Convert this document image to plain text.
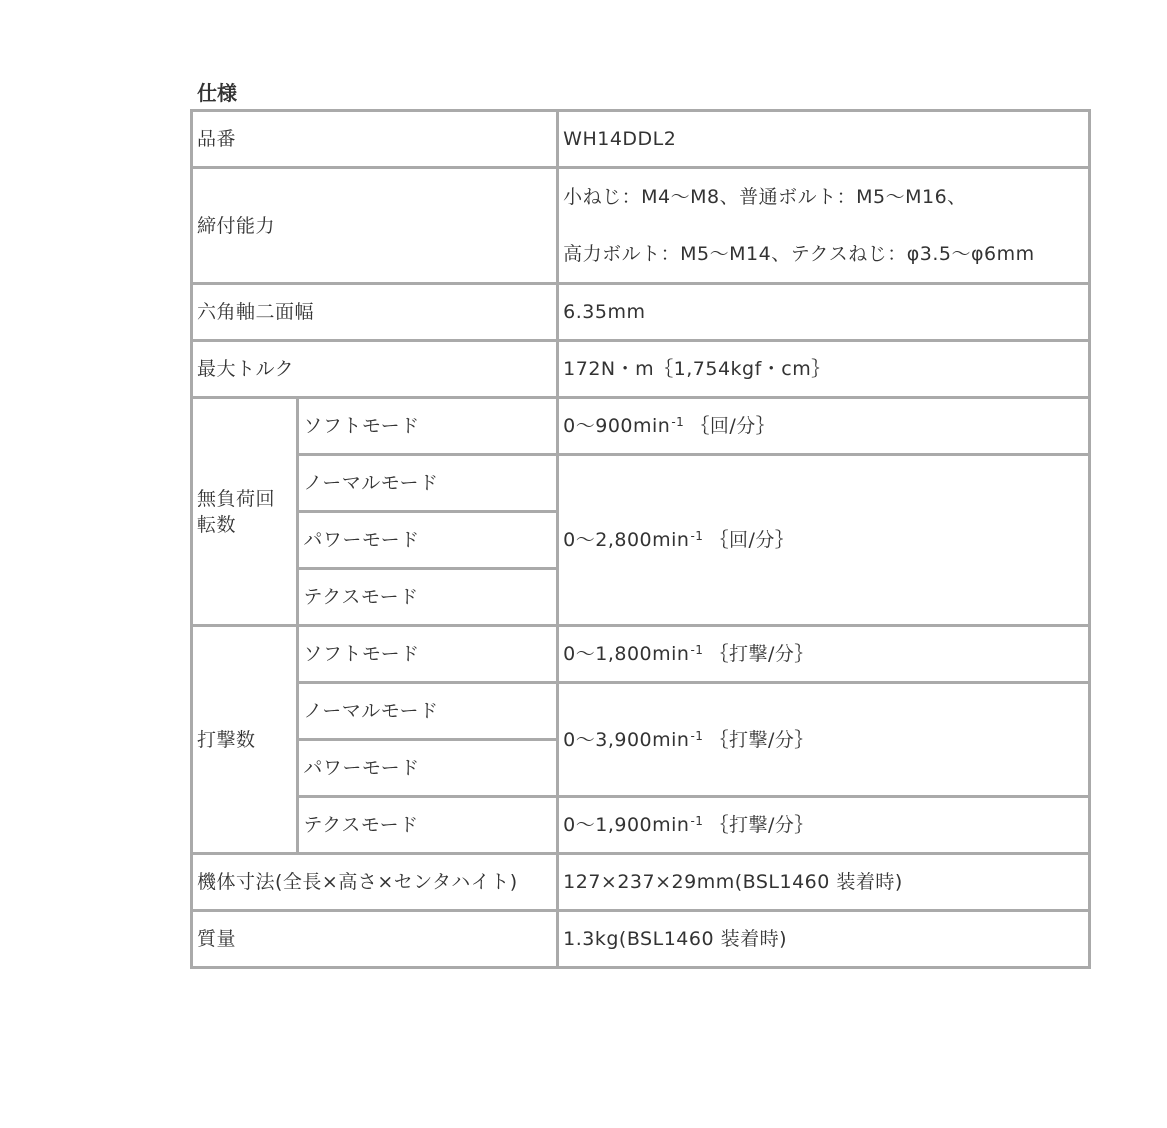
仕様
品番		WH14DDL2
締付能力		小ねじ：M4〜M8、普通ボルト：M5〜M16、
高力ボルト：M5〜M14、テクスねじ：φ3.5〜φ6mm

六角軸二面幅		6.35mm
最大トルク		172N・m｛1,754kgf・cm｝
無負荷回転数	ソフトモード	0〜$900\min^{-1}$ ｛回/分｝
	ノーマルモード	0〜$2,800\min^{-1}$ ｛回/分｝
	パワーモード	
	テクスモード	
打撃数	ソフトモード	0〜$1,800\min^{-1}$ ｛打撃/分｝
	ノーマルモード	0〜$3,900\min^{-1}$ ｛打撃/分｝
	パワーモード	
	テクスモード	0〜$1,900\min^{-1}$ ｛打撃/分｝
機体寸法(全長×高さ×センタハイト)		127×237×29mm(BSL1460 装着時)
質量		1.3kg(BSL1460 装着時)
